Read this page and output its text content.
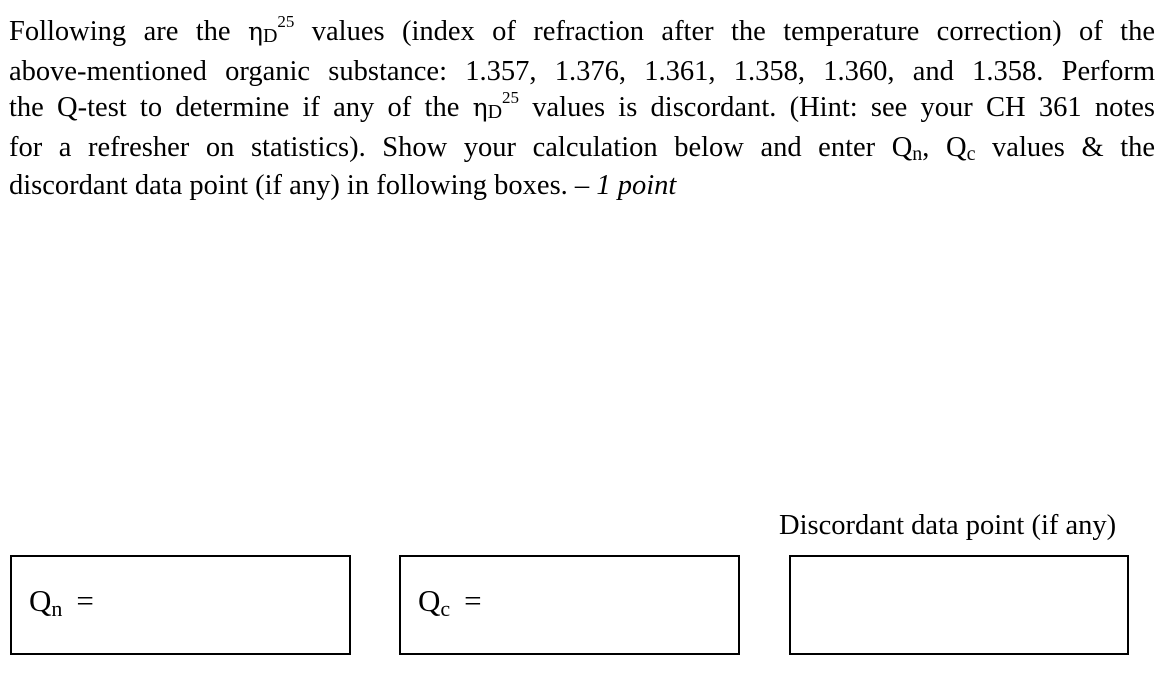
Following are the $\eta D^{25}$ values (index of refraction after the temperature correction) of the
above-mentioned organic substance: 1.357, 1.376, 1.361, 1.358, 1.360, and 1.358. Perform
the Q-test to determine if any of the $\eta D^{25}$ values is discordant. (Hint: see your CH 361 notes
for a refresher on statistics). Show your calculation below and enter Qn, Qc values & the
discordant data point (if any) in following boxes. – 1 point
Discordant data point (if any)
Qn =	Qc =
